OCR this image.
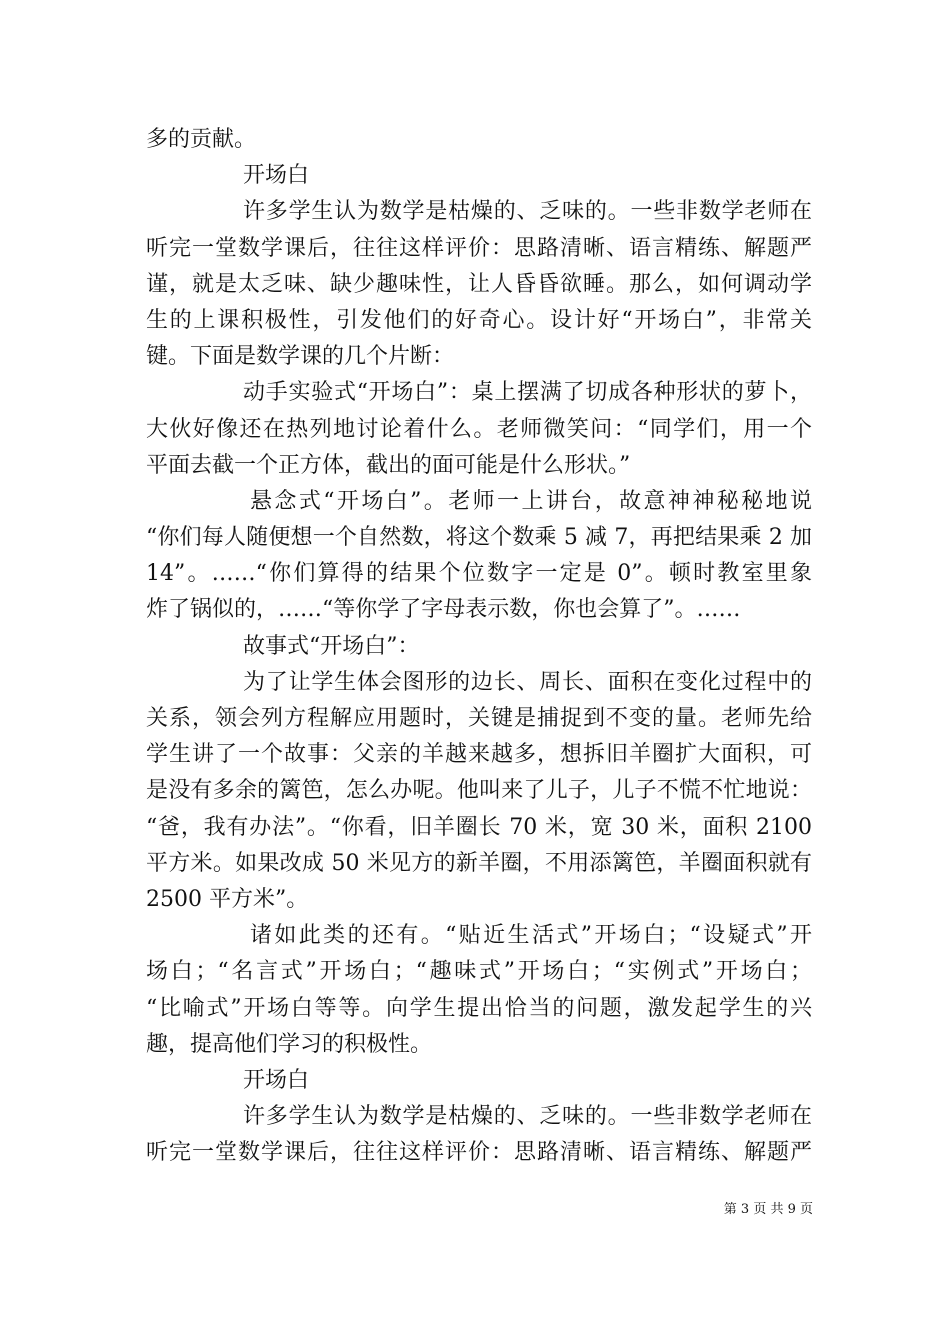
多的贡献。
开场白
许多学生认为数学是枯燥的、乏味的。一些非数学老师在
听完一堂数学课后，往往这样评价：思路清晰、语言精练、解题严
谨，就是太乏味、缺少趣味性，让人昏昏欲睡。那么，如何调动学
生的上课积极性，引发他们的好奇心。设计好“开场白”，非常关
键。下面是数学课的几个片断：
动手实验式“开场白”：桌上摆满了切成各种形状的萝卜，
大伙好像还在热列地讨论着什么。老师微笑问：“同学们，用一个
平面去截一个正方体，截出的面可能是什么形状。”
悬念式“开场白”。老师一上讲台，故意神神秘秘地说
“你们每人随便想一个自然数，将这个数乘 5 减 7，再把结果乘 2 加
14”。……“你们算得的结果个位数字一定是 0”。顿时教室里象
炸了锅似的，……“等你学了字母表示数，你也会算了”。……
故事式“开场白”：
为了让学生体会图形的边长、周长、面积在变化过程中的
关系，领会列方程解应用题时，关键是捕捉到不变的量。老师先给
学生讲了一个故事：父亲的羊越来越多，想拆旧羊圈扩大面积，可
是没有多余的篱笆，怎么办呢。他叫来了儿子，儿子不慌不忙地说：
“爸，我有办法”。“你看，旧羊圈长 70 米，宽 30 米，面积 2100
平方米。如果改成 50 米见方的新羊圈，不用添篱笆，羊圈面积就有
2500 平方米”。
诸如此类的还有。“贴近生活式”开场白；“设疑式”开
场白；“名言式”开场白；“趣味式”开场白；“实例式”开场白；
“比喻式”开场白等等。向学生提出恰当的问题，激发起学生的兴
趣，提高他们学习的积极性。
开场白
许多学生认为数学是枯燥的、乏味的。一些非数学老师在
听完一堂数学课后，往往这样评价：思路清晰、语言精练、解题严
第 3 页 共 9 页
